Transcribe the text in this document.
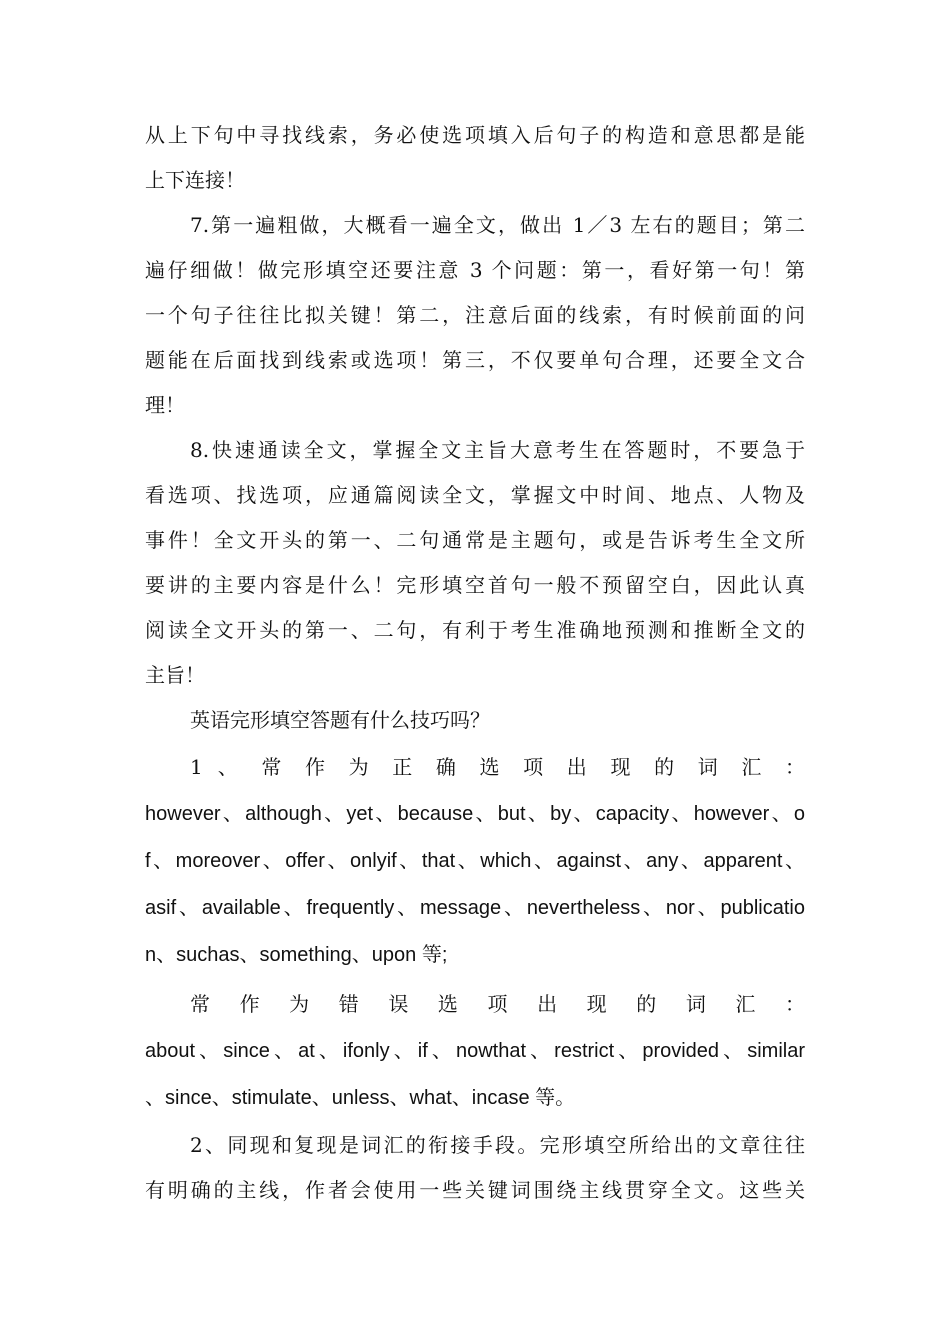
从上下句中寻找线索，务必使选项填入后句子的构造和意思都是能
上下连接！
7.第一遍粗做，大概看一遍全文，做出 1／3 左右的题目；第二
遍仔细做！做完形填空还要注意 3 个问题：第一，看好第一句！第
一个句子往往比拟关键！第二，注意后面的线索，有时候前面的问
题能在后面找到线索或选项！第三，不仅要单句合理，还要全文合
理！
8.快速通读全文，掌握全文主旨大意考生在答题时，不要急于
看选项、找选项，应通篇阅读全文，掌握文中时间、地点、人物及
事件！全文开头的第一、二句通常是主题句，或是告诉考生全文所
要讲的主要内容是什么！完形填空首句一般不预留空白，因此认真
阅读全文开头的第一、二句，有利于考生准确地预测和推断全文的
主旨！
英语完形填空答题有什么技巧吗？
1 、 常 作 为 正 确 选 项 出 现 的 词 汇 ：
however、although、yet、because、but、by、capacity、however、o
f、moreover、offer、onlyif、that、which、against、any、apparent、
asif、available、frequently、message、nevertheless、nor、publicatio
n、suchas、something、upon 等;
常 作 为 错 误 选 项 出 现 的 词 汇 ：
about、since、at、ifonly、if、nowthat、restrict、provided、similar
、since、stimulate、unless、what、incase 等。
2、同现和复现是词汇的衔接手段。完形填空所给出的文章往往
有明确的主线，作者会使用一些关键词围绕主线贯穿全文。这些关
